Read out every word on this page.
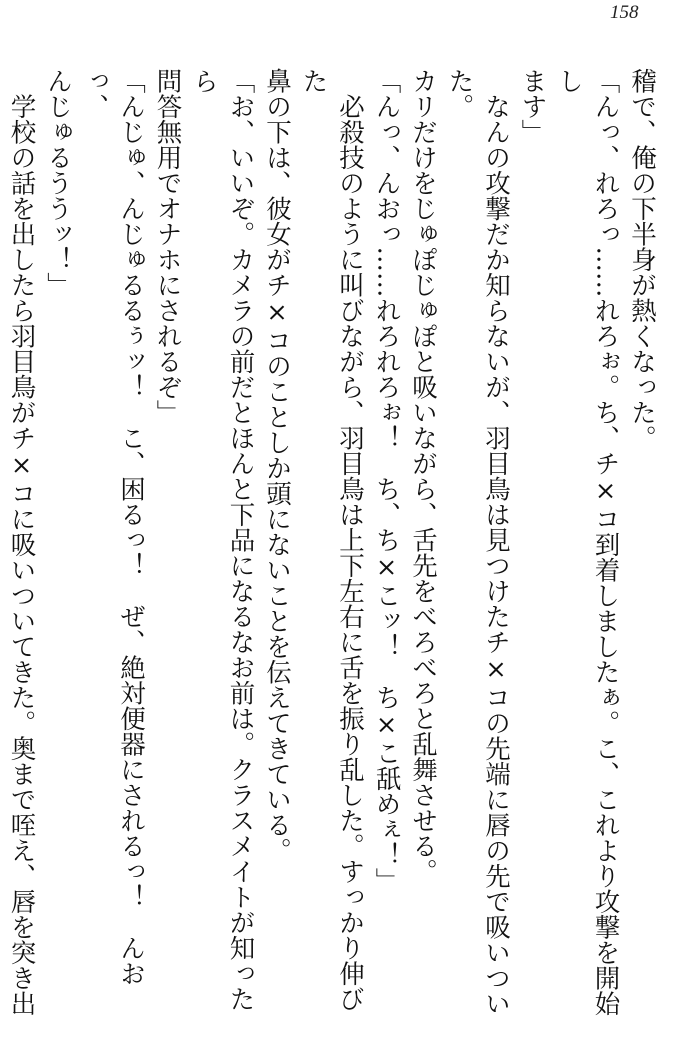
158

稽で、俺の下半身が熱くなった。

「んっ、れろっ……れろぉ。ち、チ×コ到着しましたぁ。こ、これより攻撃を開始し

ます」

　なんの攻撃だか知らないが、羽目鳥は見つけたチ×コの先端に唇の先で吸いついた。

カリだけをじゅぽじゅぽと吸いながら、舌先をべろべろと乱舞させる。

「んっ、んおっ……れろれろぉ！　ち、ち×こッ！　ち×こ舐めぇ！」

　必殺技のように叫びながら、羽目鳥は上下左右に舌を振り乱した。すっかり伸びた

鼻の下は、彼女がチ×コのことしか頭にないことを伝えてきている。

「お、いいぞ。カメラの前だとほんと下品になるなお前は。クラスメイトが知ったら

問答無用でオナホにされるぞ」

「んじゅ、んじゅるるぅッ！　こ、困るっ！　ぜ、絶対便器にされるっ！　んおっ、

んじゅるううッ！」

　学校の話を出したら羽目鳥がチ×コに吸いついてきた。奥まで咥え、唇を突き出
